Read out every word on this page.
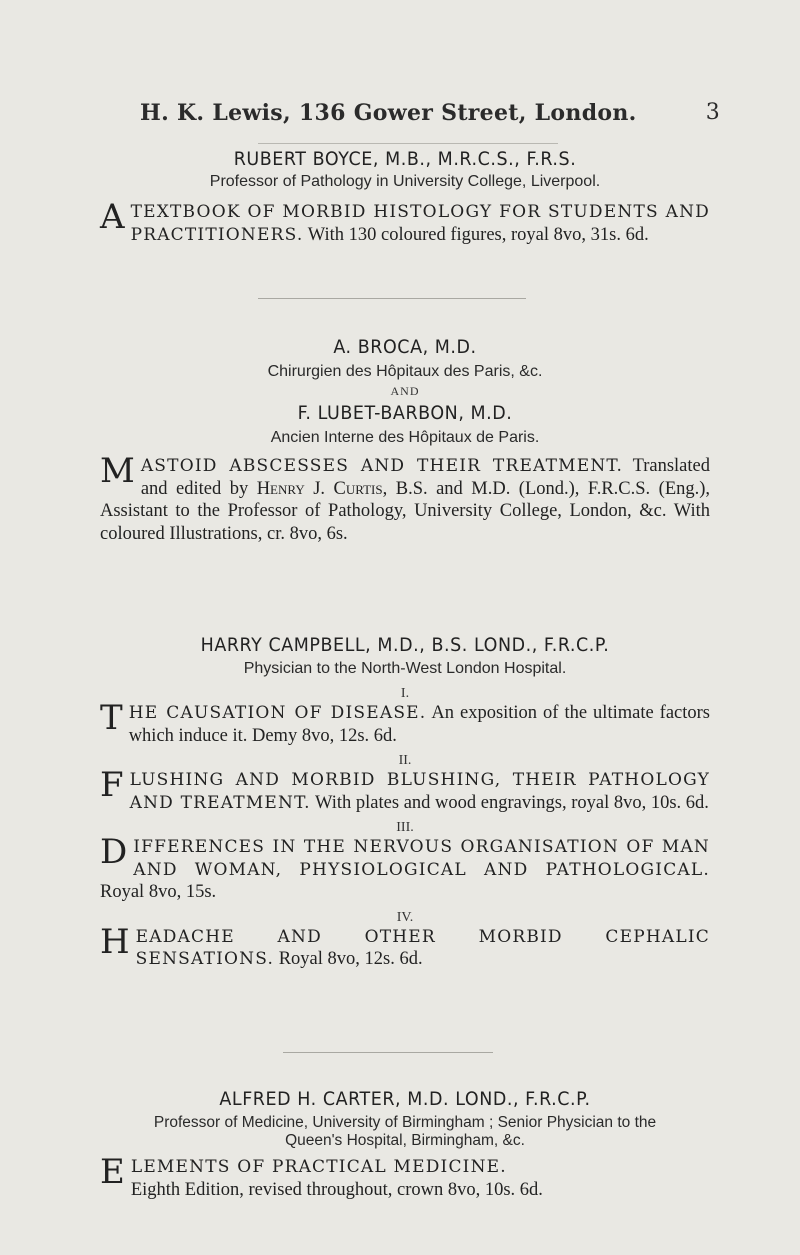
H. K. Lewis, 136 Gower Street, London.	3
RUBERT BOYCE, M.B., M.R.C.S., F.R.S.
Professor of Pathology in University College, Liverpool.
A TEXTBOOK OF MORBID HISTOLOGY FOR STUDENTS AND PRACTITIONERS. With 130 coloured figures, royal 8vo, 31s. 6d.
A. BROCA, M.D.
Chirurgien des Hôpitaux des Paris, &c.
AND
F. LUBET-BARBON, M.D.
Ancien Interne des Hôpitaux de Paris.
M ASTOID ABSCESSES AND THEIR TREATMENT. Translated and edited by Henry J. Curtis, B.S. and M.D. (Lond.), F.R.C.S. (Eng.), Assistant to the Professor of Pathology, University College, London, &c. With coloured Illustrations, cr. 8vo, 6s.
HARRY CAMPBELL, M.D., B.S. LOND., F.R.C.P.
Physician to the North-West London Hospital.
I.
T HE CAUSATION OF DISEASE. An exposition of the ultimate factors which induce it. Demy 8vo, 12s. 6d.
II.
F LUSHING AND MORBID BLUSHING, THEIR PATHOLOGY AND TREATMENT. With plates and wood engravings, royal 8vo, 10s. 6d.
III.
D IFFERENCES IN THE NERVOUS ORGANISATION OF MAN AND WOMAN, PHYSIOLOGICAL AND PATHOLOGICAL. Royal 8vo, 15s.
IV.
H EADACHE AND OTHER MORBID CEPHALIC SENSATIONS. Royal 8vo, 12s. 6d.
ALFRED H. CARTER, M.D. LOND., F.R.C.P.
Professor of Medicine, University of Birmingham ; Senior Physician to the
Queen's Hospital, Birmingham, &c.
E LEMENTS OF PRACTICAL MEDICINE.
Eighth Edition, revised throughout, crown 8vo, 10s. 6d.
